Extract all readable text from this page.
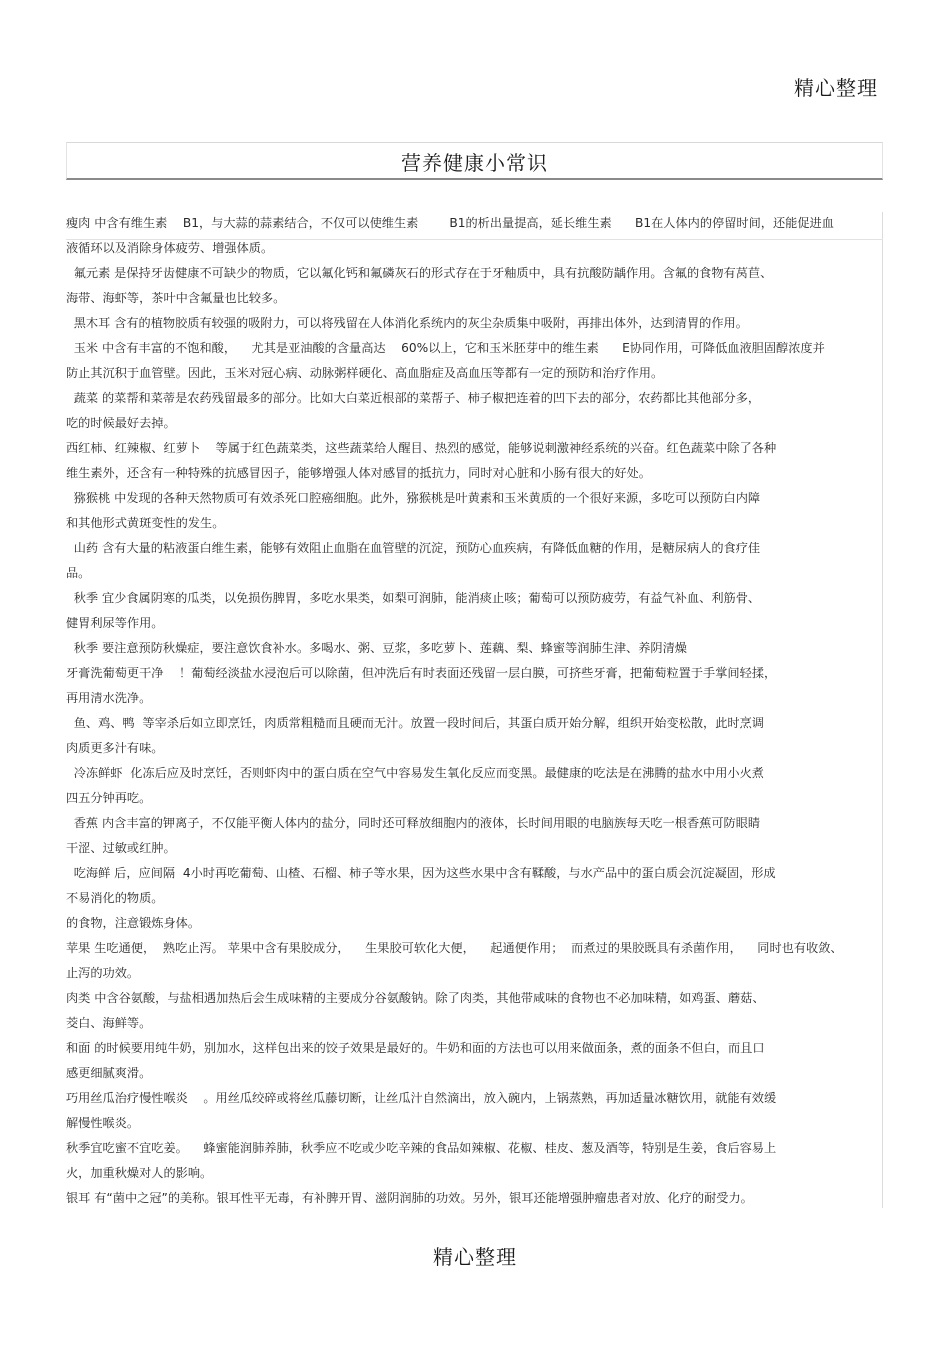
精心整理
营养健康小常识
瘦肉 中含有维生素    B1，与大蒜的蒜素结合，不仅可以使维生素        B1的析出量提高，延长维生素      B1在人体内的停留时间，还能促进血
液循环以及消除身体疲劳、增强体质。
氟元素 是保持牙齿健康不可缺少的物质，它以氟化钙和氟磷灰石的形式存在于牙釉质中，具有抗酸防龋作用。含氟的食物有莴苣、
海带、海虾等，茶叶中含氟量也比较多。
黑木耳 含有的植物胶质有较强的吸附力，可以将残留在人体消化系统内的灰尘杂质集中吸附，再排出体外，达到清胃的作用。
玉米 中含有丰富的不饱和酸，    尤其是亚油酸的含量高达    60%以上，它和玉米胚芽中的维生素      E协同作用，可降低血液胆固醇浓度并
防止其沉积于血管壁。因此，玉米对冠心病、动脉粥样硬化、高血脂症及高血压等都有一定的预防和治疗作用。
蔬菜 的菜帮和菜蒂是农药残留最多的部分。比如大白菜近根部的菜帮子、柿子椒把连着的凹下去的部分，农药都比其他部分多，
吃的时候最好去掉。
西红柿、红辣椒、红萝卜    等属于红色蔬菜类，这些蔬菜给人醒目、热烈的感觉，能够说刺激神经系统的兴奋。红色蔬菜中除了各种
维生素外，还含有一种特殊的抗感冒因子，能够增强人体对感冒的抵抗力，同时对心脏和小肠有很大的好处。
猕猴桃 中发现的各种天然物质可有效杀死口腔癌细胞。此外，猕猴桃是叶黄素和玉米黄质的一个很好来源，多吃可以预防白内障
和其他形式黄斑变性的发生。
山药 含有大量的粘液蛋白维生素，能够有效阻止血脂在血管壁的沉淀，预防心血疾病，有降低血糖的作用，是糖尿病人的食疗佳
品。
秋季 宜少食属阴寒的瓜类，以免损伤脾胃，多吃水果类，如梨可润肺，能消痰止咳；葡萄可以预防疲劳，有益气补血、利筋骨、
健胃利尿等作用。
秋季 要注意预防秋燥症，要注意饮食补水。多喝水、粥、豆浆，多吃萝卜、莲藕、梨、蜂蜜等润肺生津、养阴清燥
牙膏洗葡萄更干净    ！葡萄经淡盐水浸泡后可以除菌，但冲洗后有时表面还残留一层白膜，可挤些牙膏，把葡萄粒置于手掌间轻揉，
再用清水洗净。
鱼、鸡、鸭  等宰杀后如立即烹饪，肉质常粗糙而且硬而无汁。放置一段时间后，其蛋白质开始分解，组织开始变松散，此时烹调
肉质更多汁有味。
冷冻鲜虾  化冻后应及时烹饪，否则虾肉中的蛋白质在空气中容易发生氧化反应而变黑。最健康的吃法是在沸腾的盐水中用小火煮
四五分钟再吃。
香蕉 内含丰富的钾离子，不仅能平衡人体内的盐分，同时还可释放细胞内的液体，长时间用眼的电脑族每天吃一根香蕉可防眼睛
干涩、过敏或红肿。
吃海鲜 后，应间隔  4小时再吃葡萄、山楂、石榴、柿子等水果，因为这些水果中含有鞣酸，与水产品中的蛋白质会沉淀凝固，形成
不易消化的物质。
的食物，注意锻炼身体。
苹果 生吃通便，  熟吃止泻。 苹果中含有果胶成分，    生果胶可软化大便，    起通便作用；  而煮过的果胶既具有杀菌作用，    同时也有收敛、
止泻的功效。
肉类 中含谷氨酸，与盐相遇加热后会生成味精的主要成分谷氨酸钠。除了肉类，其他带咸味的食物也不必加味精，如鸡蛋、蘑菇、
茭白、海鲜等。
和面 的时候要用纯牛奶，别加水，这样包出来的饺子效果是最好的。牛奶和面的方法也可以用来做面条，煮的面条不但白，而且口
感更细腻爽滑。
巧用丝瓜治疗慢性喉炎    。用丝瓜绞碎或将丝瓜藤切断，让丝瓜汁自然滴出，放入碗内，上锅蒸熟，再加适量冰糖饮用，就能有效缓
解慢性喉炎。
秋季宜吃蜜不宜吃姜。    蜂蜜能润肺养肺，秋季应不吃或少吃辛辣的食品如辣椒、花椒、桂皮、葱及酒等，特别是生姜，食后容易上
火，加重秋燥对人的影响。
银耳 有“菌中之冠”的美称。银耳性平无毒，有补脾开胃、滋阴润肺的功效。另外，银耳还能增强肿瘤患者对放、化疗的耐受力。
精心整理
